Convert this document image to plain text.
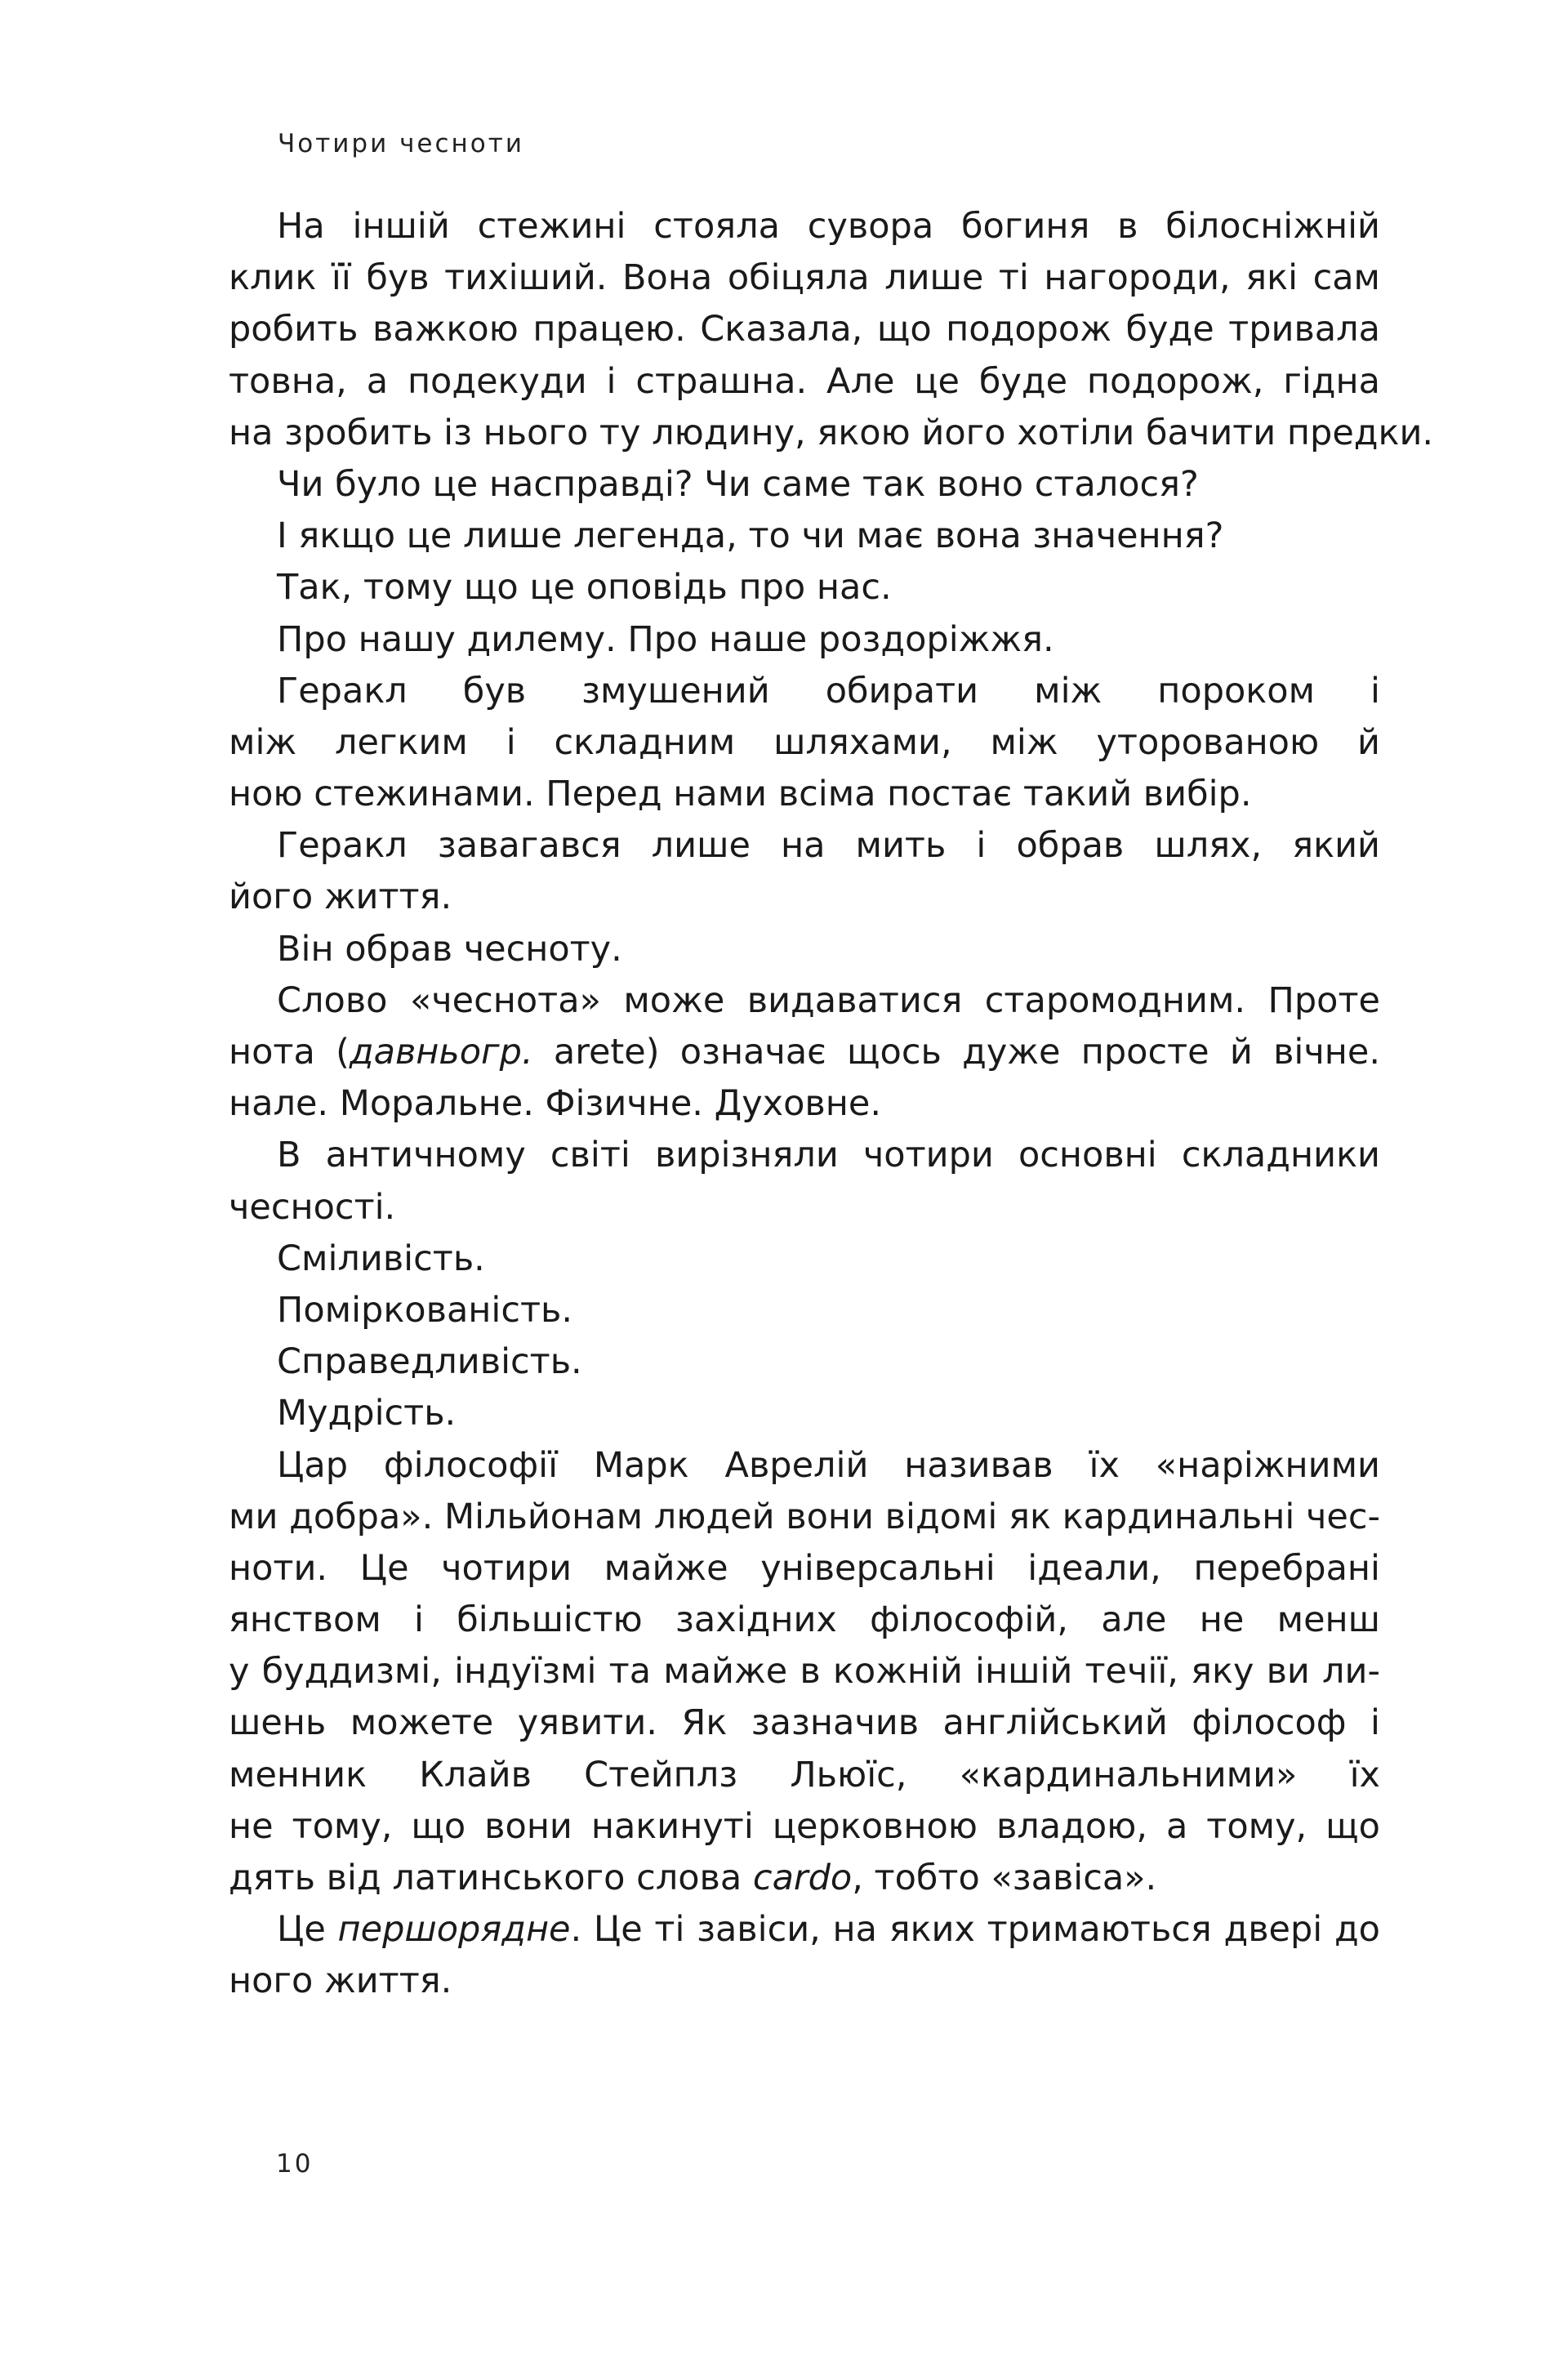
Чотири чесноти
На іншій стежині стояла сувора богиня в білосніжній
клик її був тихіший. Вона обіцяла лише ті нагороди, які сам
робить важкою працею. Сказала, що подорож буде тривала
товна, а подекуди і страшна. Але це буде подорож, гідна
на зробить із нього ту людину, якою його хотіли бачити предки.
Чи було це насправді? Чи саме так воно сталося?
І якщо це лише легенда, то чи має вона значення?
Так, тому що це оповідь про нас.
Про нашу дилему. Про наше роздоріжжя.
Геракл був змушений обирати між пороком і
між легким і складним шляхами, між уторованою й
ною стежинами. Перед нами всіма постає такий вибір.
Геракл завагався лише на мить і обрав шлях, який
його життя.
Він обрав чесноту.
Слово «чеснота» може видаватися старомодним. Проте
нота (давньогр. arete) означає щось дуже просте й вічне.
нале. Моральне. Фізичне. Духовне.
В античному світі вирізняли чотири основні складники
чесності.
Сміливість.
Поміркованість.
Справедливість.
Мудрість.
Цар філософії Марк Аврелій називав їх «наріжними
ми добра». Мільйонам людей вони відомі як кардинальні чес-
ноти. Це чотири майже універсальні ідеали, перебрані
янством і більшістю західних філософій, але не менш
у буддизмі, індуїзмі та майже в кожній іншій течії, яку ви ли-
шень можете уявити. Як зазначив англійський філософ і
менник Клайв Стейплз Льюїс, «кардинальними» їх
не тому, що вони накинуті церковною владою, а тому, що
дять від латинського слова cardo, тобто «завіса».
Це першорядне. Це ті завіси, на яких тримаються двері до
ного життя.
10
